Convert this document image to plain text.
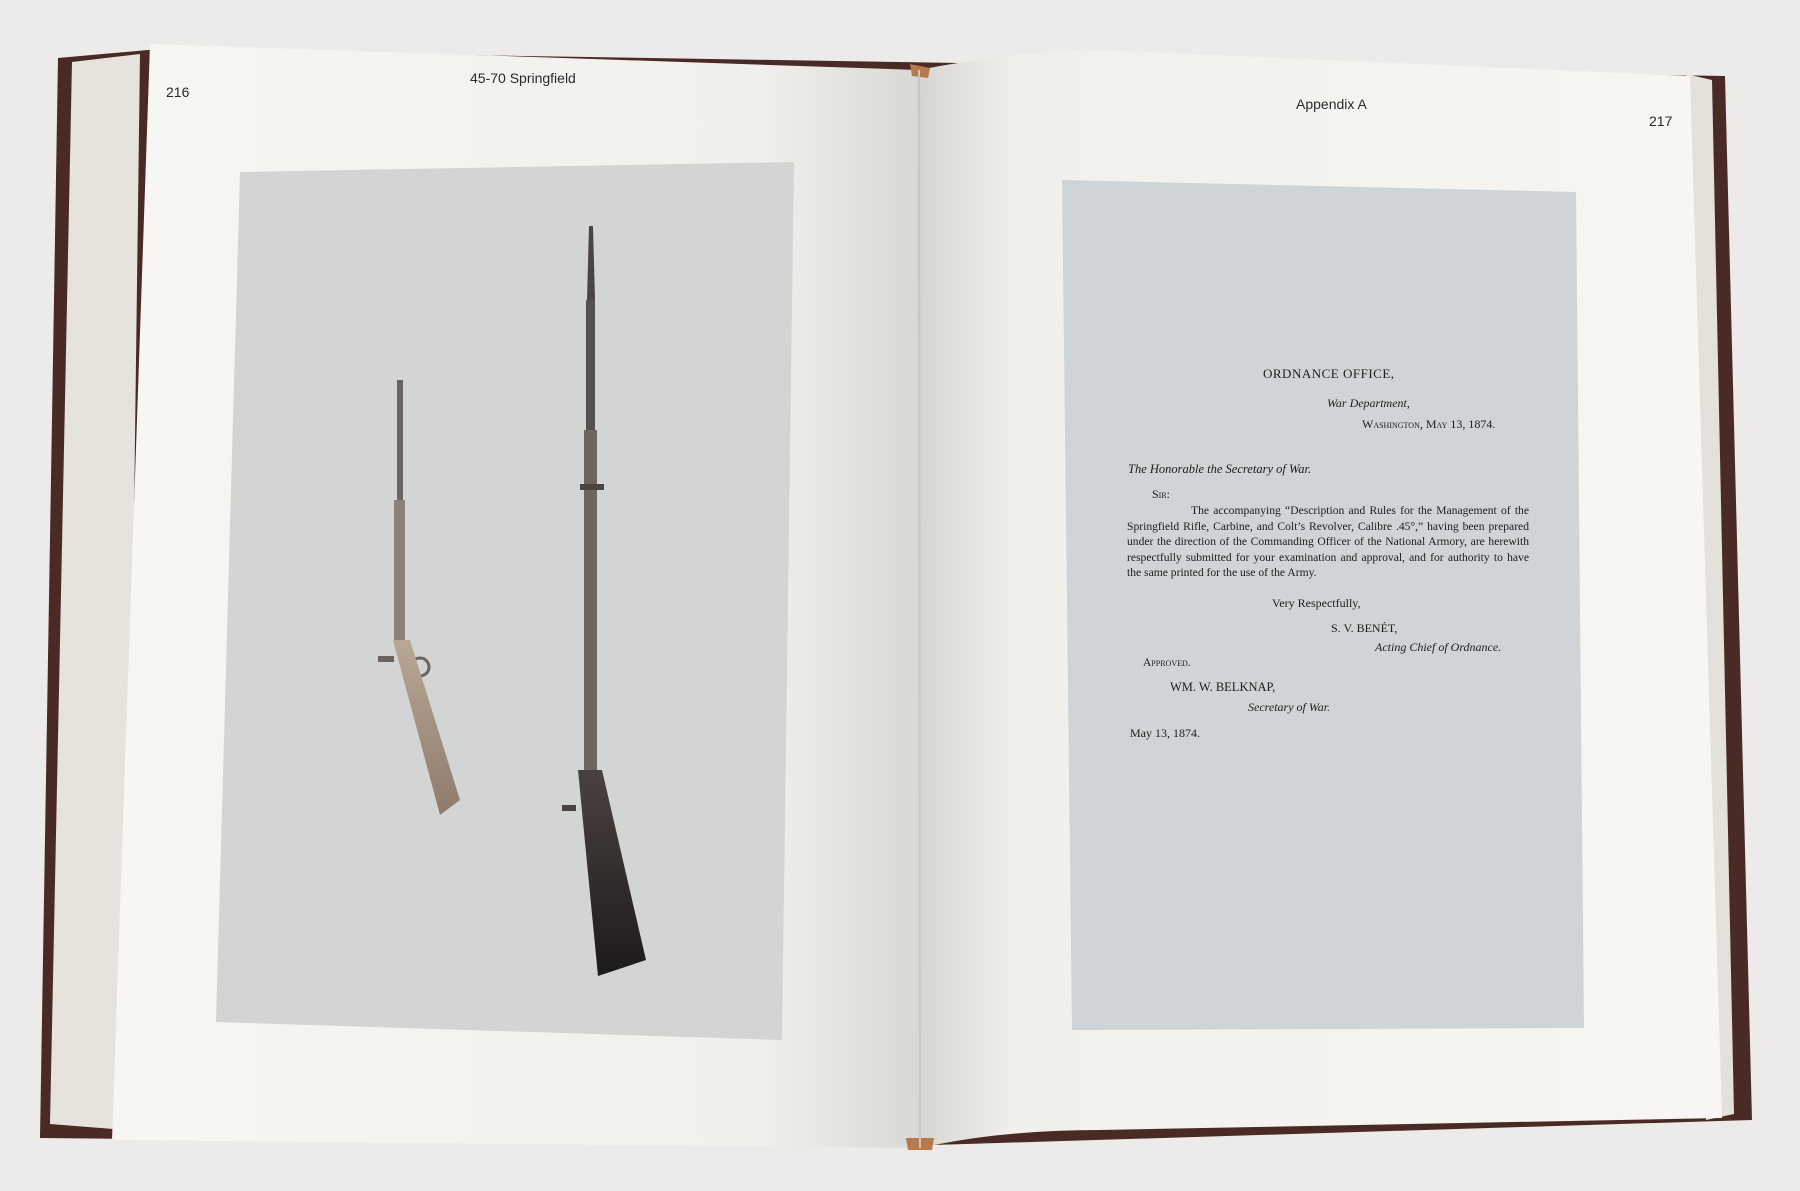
216
45-70 Springfield
Appendix A
217
ORDNANCE OFFICE,
War Department,
Washington, May 13, 1874.
The Honorable the Secretary of War.
Sir:
The accompanying “Description and Rules for the Management of the Springfield Rifle, Carbine, and Colt’s Revolver, Calibre .45°,” having been prepared under the direction of the Commanding Officer of the National Armory, are herewith respectfully submitted for your examination and approval, and for authority to have the same printed for the use of the Army.
Very Respectfully,
S. V. BENÉT,
Acting Chief of Ordnance.
Approved.
WM. W. BELKNAP,
Secretary of War.
May 13, 1874.
